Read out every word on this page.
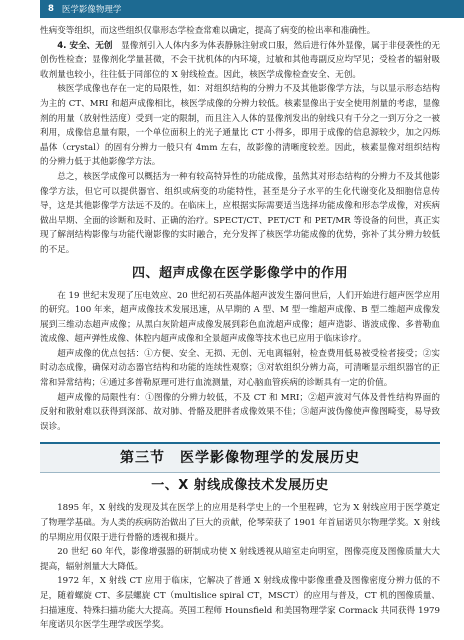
8 医学影像物理学

性病变等组织，而这些组织仅靠形态学检查常难以确定，提高了病变的检出率和准确性。

4. 安全、无创　 显像剂引入人体内多为体表静脉注射或口服，然后进行体外显像，属于非侵袭性的无创伤性检查；显像剂化学量甚微，不会干扰机体的内环境，过敏和其他毒副反应均罕见；受检者的辐射吸收剂量也较小，往往低于同部位的 X 射线检查。因此，核医学成像检查安全、无创。

核医学成像也存在一定的局限性，如：对组织结构的分辨力不及其他影像学方法，与以显示形态结构为主的 CT、MRI 和超声成像相比，核医学成像的分辨力较低。核素显像出于安全使用剂量的考虑，显像剂的用量（放射性活度）受到一定的限制，而且注入人体的显像剂发出的射线只有千分之一到万分之一被利用，成像信息量有限，一个单位面积上的光子通量比 CT 小得多，即用于成像的信息源较少，加之闪烁晶体（crystal）的固有分辨力一般只有 4mm 左右，故影像的清晰度较差。因此，核素显像对组织结构的分辨力低于其他影像学方法。

总之，核医学成像可以概括为一种有较高特异性的功能成像，虽然其对形态结构的分辨力不及其他影像学方法，但它可以提供器官、组织或病变的功能特性，甚至是分子水平的生化代谢变化及细胞信息传导，这是其他影像学方法远不及的。在临床上，应根据实际需要适当选择功能成像和形态学成像，对疾病做出早期、全面的诊断和及时、正确的治疗。SPECT/CT、PET/CT 和 PET/MR 等设备的问世，真正实现了解剖结构影像与功能代谢影像的实时融合，充分发挥了核医学功能成像的优势，弥补了其分辨力较低的不足。

四、超声成像在医学影像学中的作用

在 19 世纪末发现了压电效应、20 世纪初石英晶体超声波发生器问世后，人们开始进行超声医学应用的研究。100 年来，超声成像技术发展迅速，从早期的 A 型、M 型一维超声成像、B 型二维超声成像发展到三维动态超声成像；从黑白灰阶超声成像发展到彩色血流超声成像；超声造影、谐波成像、多普勒血流成像、超声弹性成像、体腔内超声成像和全景超声成像等技术也已应用于临床诊疗。

超声成像的优点包括：①方便、安全、无损、无创、无电离辐射，检查费用低易被受检者接受；②实时动态成像，确保对动态器官结构和功能的连续性观察；③对软组织分辨力高，可清晰显示组织器官的正常和异常结构；④通过多普勒原理可进行血流测量，对心脑血管疾病的诊断具有一定的价值。

超声成像的局限性有：①图像的分辨力较低，不及 CT 和 MRI；②超声波对气体及骨性结构界面的反射和散射难以获得到深部、故对肺、骨骼及肥胖者成像效果不佳；③超声波伪像使声像图畸变，易导致误诊。

第三节　医学影像物理学的发展历史
一、X 射线成像技术发展历史

1895 年，X 射线的发现及其在医学上的应用是科学史上的一个里程碑，它为 X 射线应用于医学奠定了物理学基础。为人类的疾病防治做出了巨大的贡献，伦琴荣获了 1901 年首届诺贝尔物理学奖。X 射线的早期应用仅限于进行骨骼的透视和摄片。

20 世纪 60 年代，影像增强器的研制成功使 X 射线透视从暗室走向明室，图像亮度及图像质量大大提高，辐射剂量大大降低。

1972 年，X 射线 CT 应用于临床，它解决了普通 X 射线成像中影像重叠及图像密度分辨力低的不足，随着螺旋 CT、多层螺旋 CT（multislice spiral CT，MSCT）的应用与普及，CT 机的图像质量、扫描速度、特殊扫描功能大大提高。英国工程师 Hounsfield 和美国物理学家 Cormack 共同获得 1979 年度诺贝尔医学生理学或医学奖。
